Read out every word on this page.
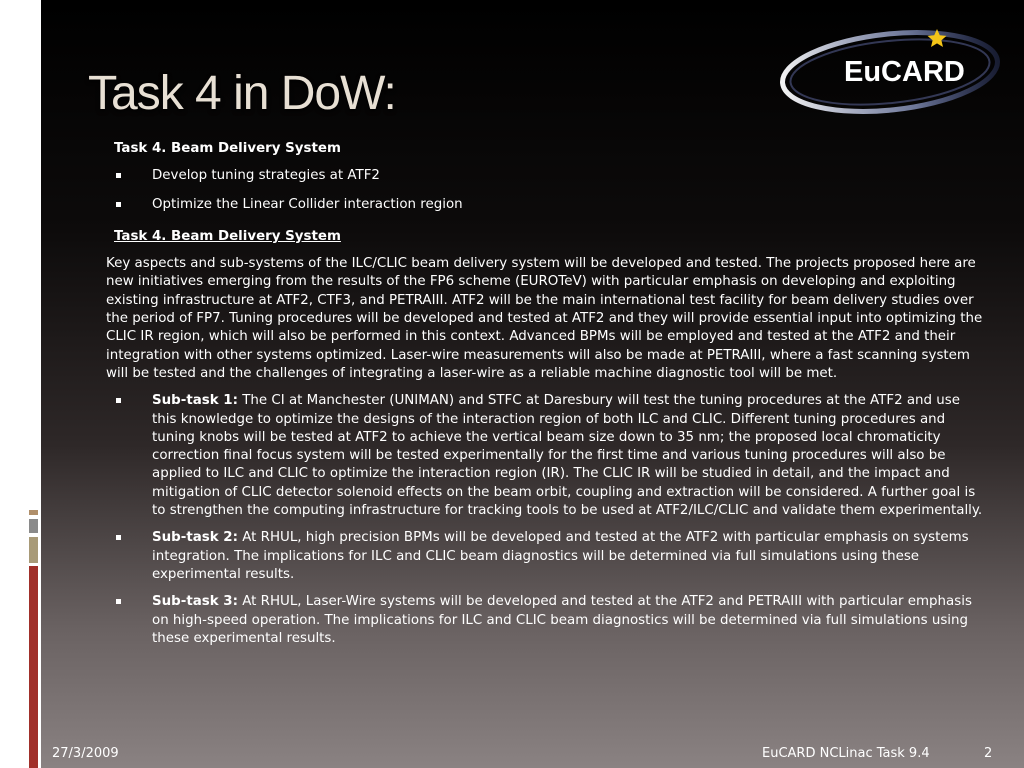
EuCARD
Task 4 in DoW:
Task 4. Beam Delivery System
Develop tuning strategies at ATF2
Optimize the Linear Collider interaction region
Task 4. Beam Delivery System

Key aspects and sub-systems of the ILC/CLIC beam delivery system will be developed and tested. The projects proposed here are new initiatives emerging from the results of the FP6 scheme (EUROTeV) with particular emphasis on developing and exploiting existing infrastructure at ATF2, CTF3, and PETRAIII. ATF2 will be the main international test facility for beam delivery studies over the period of FP7. Tuning procedures will be developed and tested at ATF2 and they will provide essential input into optimizing the CLIC IR region, which will also be performed in this context. Advanced BPMs will be employed and tested at the ATF2 and their integration with other systems optimized. Laser-wire measurements will also be made at PETRAIII, where a fast scanning system will be tested and the challenges of integrating a laser-wire as a reliable machine diagnostic tool will be met.

Sub-task 1: The CI at Manchester (UNIMAN) and STFC at Daresbury will test the tuning procedures at the ATF2 and use this knowledge to optimize the designs of the interaction region of both ILC and CLIC. Different tuning procedures and tuning knobs will be tested at ATF2 to achieve the vertical beam size down to 35 nm; the proposed local chromaticity correction final focus system will be tested experimentally for the first time and various tuning procedures will also be applied to ILC and CLIC to optimize the interaction region (IR). The CLIC IR will be studied in detail, and the impact and mitigation of CLIC detector solenoid effects on the beam orbit, coupling and extraction will be considered. A further goal is to strengthen the computing infrastructure for tracking tools to be used at ATF2/ILC/CLIC and validate them experimentally.
Sub-task 2: At RHUL, high precision BPMs will be developed and tested at the ATF2 with particular emphasis on systems integration. The implications for ILC and CLIC beam diagnostics will be determined via full simulations using these experimental results.
Sub-task 3: At RHUL, Laser-Wire systems will be developed and tested at the ATF2 and PETRAIII with particular emphasis on high-speed operation. The implications for ILC and CLIC beam diagnostics will be determined via full simulations using these experimental results.
27/3/2009	EuCARD NCLinac Task 9.4	2
